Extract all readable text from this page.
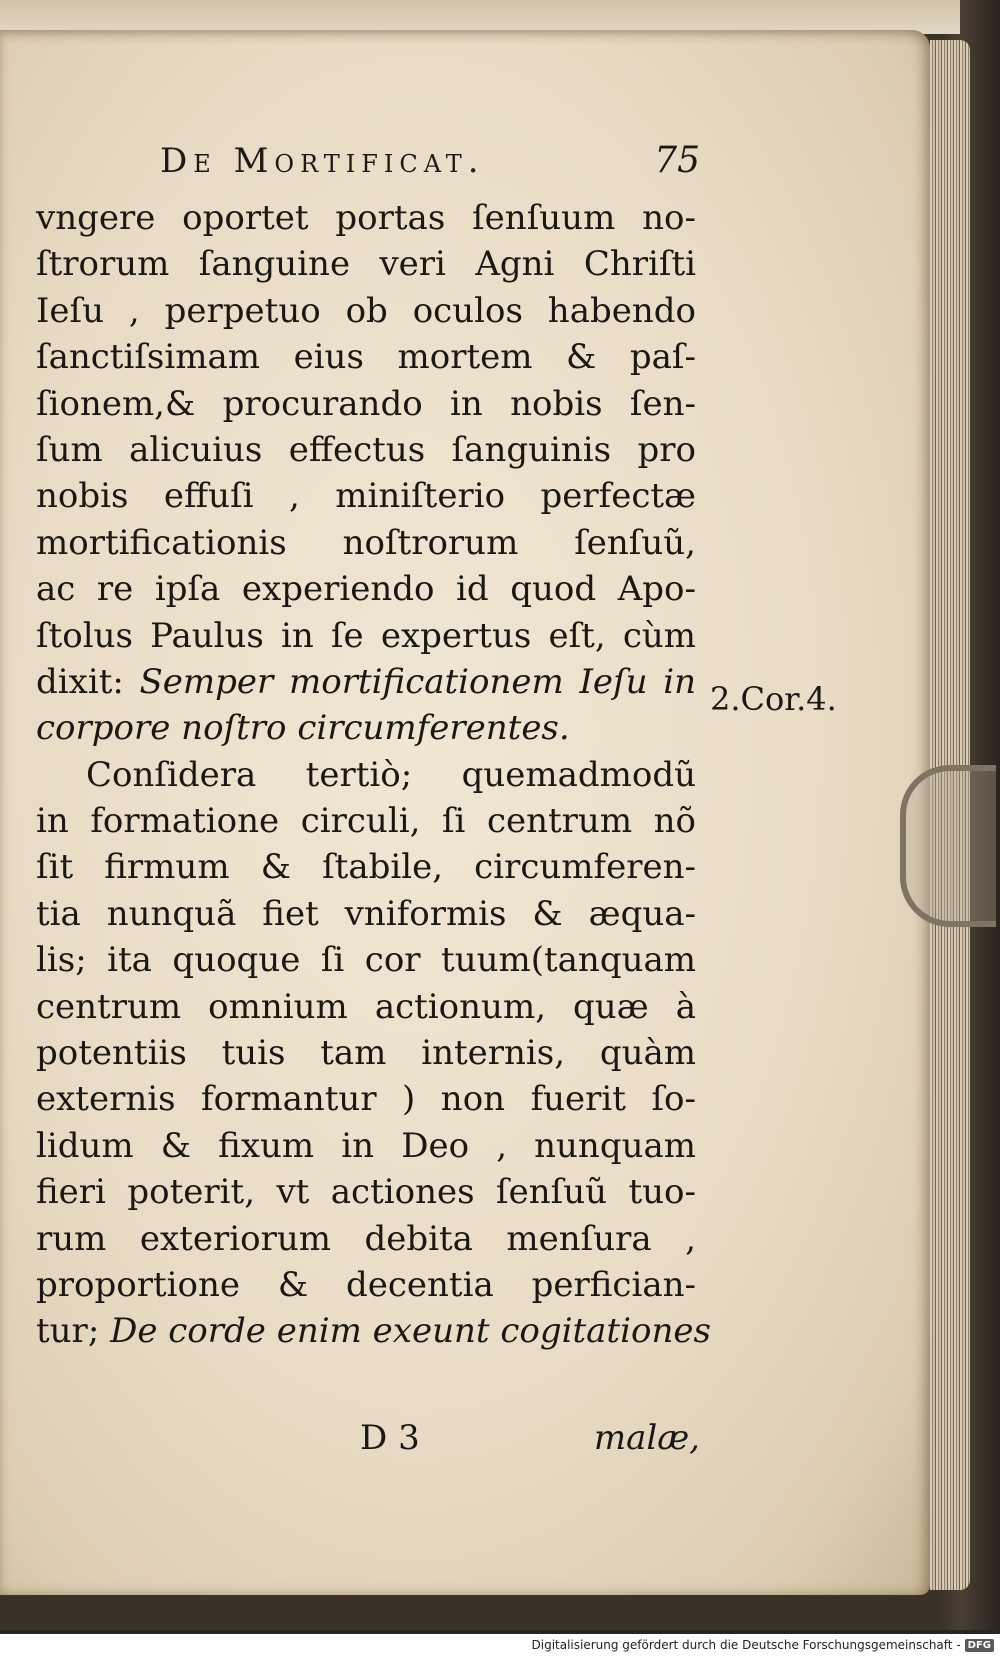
De Mortificat.	75
vngere oportet portas ſenſuum no-
ſtrorum ſanguine veri Agni Chriſti
Ieſu , perpetuo ob oculos habendo
ſanctiſsimam eius mortem & paſ-
ſionem,& procurando in nobis ſen-
ſum alicuius effectus ſanguinis pro
nobis effuſi , miniſterio perfectæ
mortificationis noſtrorum ſenſuũ,
ac re ipſa experiendo id quod Apo-
ſtolus Paulus in ſe expertus eſt, cùm
dixit: Semper mortificationem Ieſu in
corpore noſtro circumferentes.
Conſidera tertiò; quemadmodũ
in formatione circuli, ſi centrum nõ
ſit firmum & ſtabile, circumferen-
tia nunquã fiet vniformis & æqua-
lis; ita quoque ſi cor tuum(tanquam
centrum omnium actionum, quæ à
potentiis tuis tam internis, quàm
externis formantur ) non fuerit ſo-
lidum & fixum in Deo , nunquam
fieri poterit, vt actiones ſenſuũ tuo-
rum exteriorum debita menſura ,
proportione & decentia perfician-
tur; De corde enim exeunt cogitationes
2.Cor.4.
D 3	malæ,
Digitalisierung gefördert durch die Deutsche Forschungsgemeinschaft - DFG
